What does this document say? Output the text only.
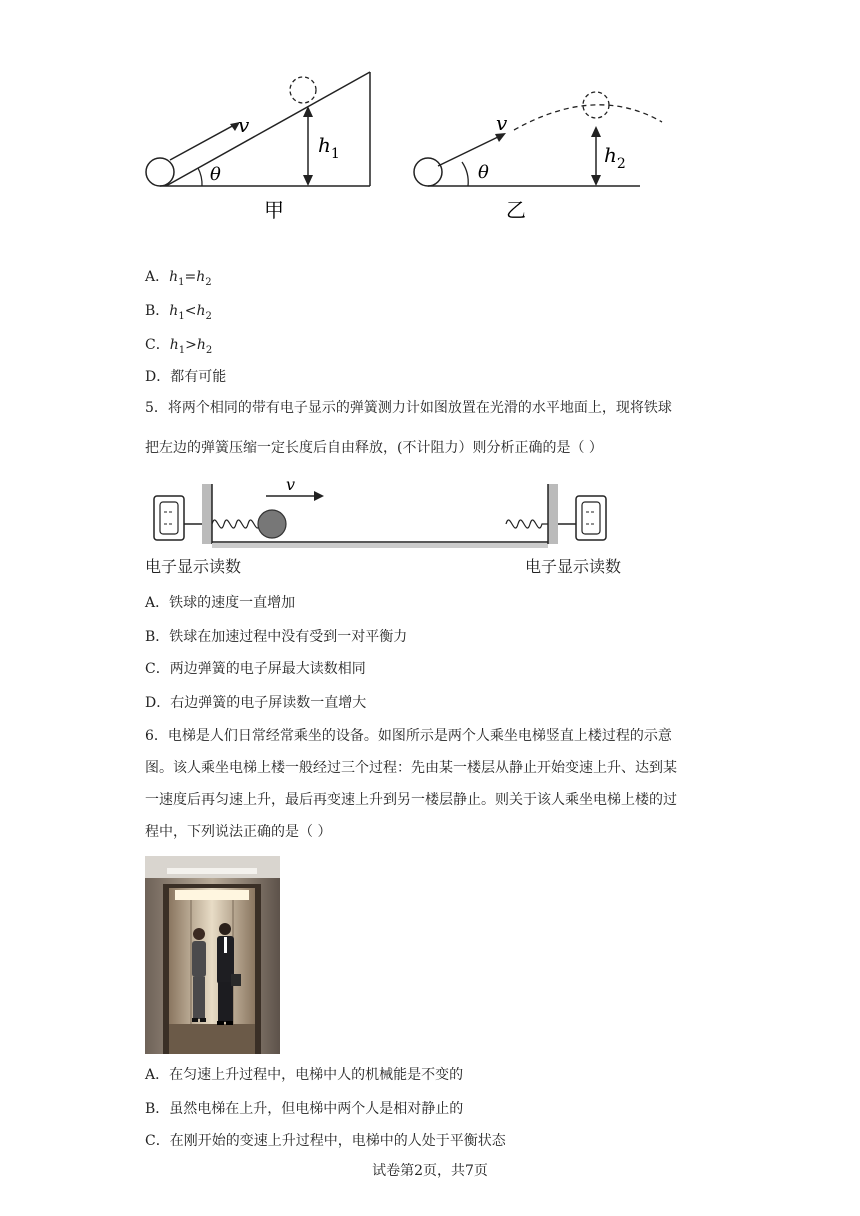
v
θ
$h_1$
甲
v
θ
$h_2$
乙
A．$h_1=h_2$
B．$h_1<h_2$
C．$h_1>h_2$
D．都有可能

5．将两个相同的带有电子显示的弹簧测力计如图放置在光滑的水平地面上，现将铁球

把左边的弹簧压缩一定长度后自由释放，(不计阻力）则分析正确的是（ ）

v
电子显示读数	电子显示读数
A．铁球的速度一直增加
B．铁球在加速过程中没有受到一对平衡力
C．两边弹簧的电子屏最大读数相同
D．右边弹簧的电子屏读数一直增大

6．电梯是人们日常经常乘坐的设备。如图所示是两个人乘坐电梯竖直上楼过程的示意

图。该人乘坐电梯上楼一般经过三个过程：先由某一楼层从静止开始变速上升、达到某

一速度后再匀速上升，最后再变速上升到另一楼层静止。则关于该人乘坐电梯上楼的过

程中，下列说法正确的是（ ）

A．在匀速上升过程中，电梯中人的机械能是不变的
B．虽然电梯在上升，但电梯中两个人是相对静止的
C．在刚开始的变速上升过程中，电梯中的人处于平衡状态
试卷第2页，共7页
